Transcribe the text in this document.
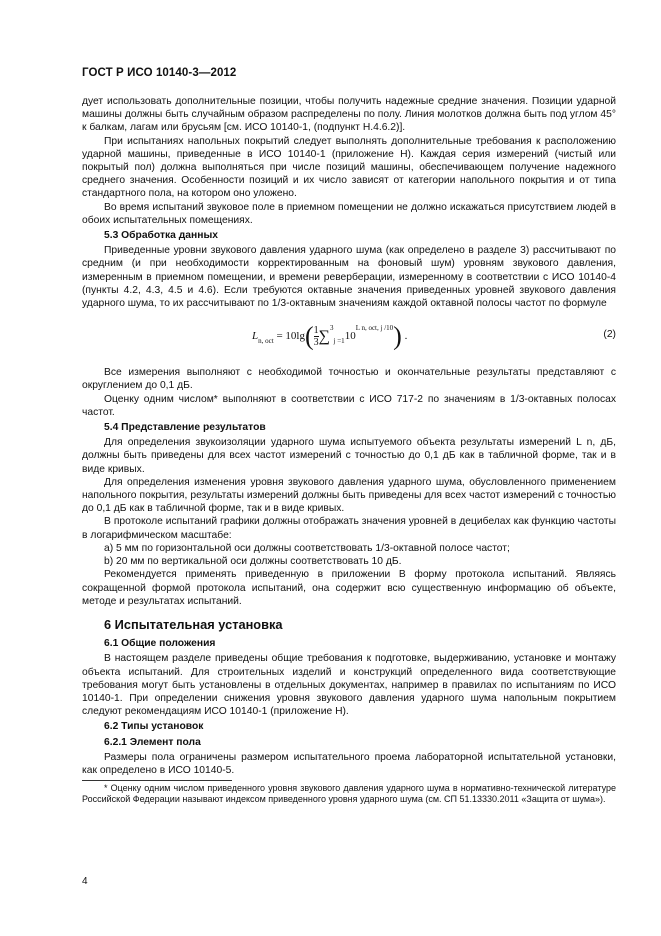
ГОСТ Р ИСО 10140-3—2012

дует использовать дополнительные позиции, чтобы получить надежные средние значения. Позиции ударной машины должны быть случайным образом распределены по полу. Линия молотков должна быть под углом 45° к балкам, лагам или брусьям [см. ИСО 10140-1, (подпункт Н.4.6.2)].

При испытаниях напольных покрытий следует выполнять дополнительные требования к расположению ударной машины, приведенные в ИСО 10140-1 (приложение Н). Каждая серия измерений (чистый или покрытый пол) должна выполняться при числе позиций машины, обеспечивающем получение надежного среднего значения. Особенности позиций и их число зависят от категории напольного покрытия и от типа стандартного пола, на котором оно уложено.

Во время испытаний звуковое поле в приемном помещении не должно искажаться присутствием людей в обоих испытательных помещениях.

5.3 Обработка данных

Приведенные уровни звукового давления ударного шума (как определено в разделе 3) рассчитывают по средним (и при необходимости корректированным на фоновый шум) уровням звукового давления, измеренным в приемном помещении, и времени реверберации, измеренному в соответствии с ИСО 10140-4 (пункты 4.2, 4.3, 4.5 и 4.6). Если требуются октавные значения приведенных уровней звукового давления ударного шума, то их рассчитывают по 1/3-октавным значениям каждой октавной полосы частот по формуле

$L_{n, oct} = 10\lg( \frac{1}{3} \sum^3_{j =1}10^{L n, oct, j /10})$ .	(2)

Все измерения выполняют с необходимой точностью и окончательные результаты представляют с округлением до 0,1 дБ.

Оценку одним числом* выполняют в соответствии с ИСО 717-2 по значениям в 1/3-октавных полосах частот.

5.4 Представление результатов

Для определения звукоизоляции ударного шума испытуемого объекта результаты измерений L n, дБ, должны быть приведены для всех частот измерений с точностью до 0,1 дБ как в табличной форме, так и в виде кривых.

Для определения изменения уровня звукового давления ударного шума, обусловленного применением напольного покрытия, результаты измерений должны быть приведены для всех частот измерений с точностью до 0,1 дБ как в табличной форме, так и в виде кривых.

В протоколе испытаний графики должны отображать значения уровней в децибелах как функцию частоты в логарифмическом масштабе:

a) 5 мм по горизонтальной оси должны соответствовать 1/3-октавной полосе частот;

b) 20 мм по вертикальной оси должны соответствовать 10 дБ.

Рекомендуется применять приведенную в приложении В форму протокола испытаний. Являясь сокращенной формой протокола испытаний, она содержит всю существенную информацию об объекте, методе и результатах испытаний.

6 Испытательная установка
6.1 Общие положения

В настоящем разделе приведены общие требования к подготовке, выдерживанию, установке и монтажу объекта испытаний. Для строительных изделий и конструкций определенного вида соответствующие требования могут быть установлены в отдельных документах, например в правилах по испытаниям по ИСО 10140-1. При определении снижения уровня звукового давления ударного шума напольным покрытием следуют рекомендациям ИСО 10140-1 (приложение Н).

6.2 Типы установок
6.2.1 Элемент пола

Размеры пола ограничены размером испытательного проема лабораторной испытательной установки, как определено в ИСО 10140-5.

* Оценку одним числом приведенного уровня звукового давления ударного шума в нормативно-технической литературе Российской Федерации называют индексом приведенного уровня ударного шума (см. СП 51.13330.2011 «Защита от шума»).

4
